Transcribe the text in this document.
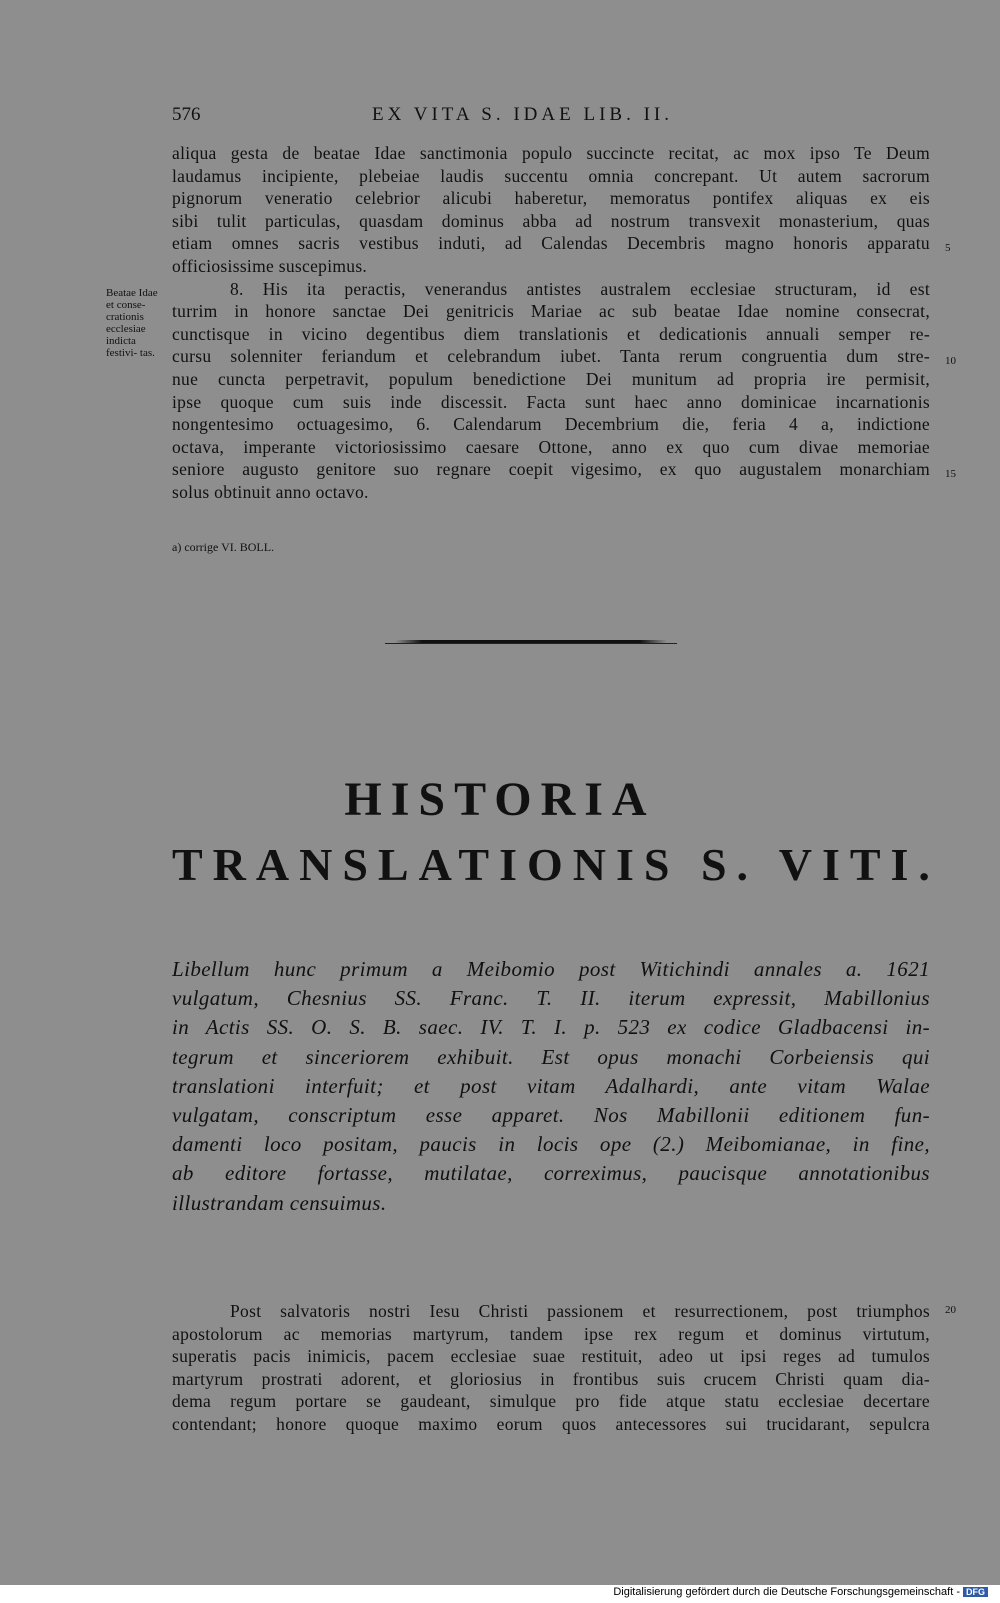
576	EX VITA S. IDAE LIB. II.
aliqua gesta de beatae Idae sanctimonia populo succincte recitat, ac mox ipso Te Deum
laudamus incipiente, plebeiae laudis succentu omnia concrepant. Ut autem sacrorum
pignorum veneratio celebrior alicubi haberetur, memoratus pontifex aliquas ex eis
sibi tulit particulas, quasdam dominus abba ad nostrum transvexit monasterium, quas
etiam omnes sacris vestibus induti, ad Calendas Decembris magno honoris apparatu
officiosissime suscepimus.
8. His ita peractis, venerandus antistes australem ecclesiae structuram, id est
turrim in honore sanctae Dei genitricis Mariae ac sub beatae Idae nomine consecrat,
cunctisque in vicino degentibus diem translationis et dedicationis annuali semper re-
cursu solenniter feriandum et celebrandum iubet. Tanta rerum congruentia dum stre-
nue cuncta perpetravit, populum benedictione Dei munitum ad propria ire permisit,
ipse quoque cum suis inde discessit. Facta sunt haec anno dominicae incarnationis
nongentesimo octuagesimo, 6. Calendarum Decembrium die, feria 4 a, indictione
octava, imperante victoriosissimo caesare Ottone, anno ex quo cum divae memoriae
seniore augusto genitore suo regnare coepit vigesimo, ex quo augustalem monarchiam
solus obtinuit anno octavo.
Beatae Idae et conse- crationis ecclesiae indicta festivi- tas.
5
10
15
20
a) corrige VI. BOLL.
HISTORIA
TRANSLATIONIS S. VITI.
Libellum hunc primum a Meibomio post Witichindi annales a. 1621
vulgatum, Chesnius SS. Franc. T. II. iterum expressit, Mabillonius
in Actis SS. O. S. B. saec. IV. T. I. p. 523 ex codice Gladbacensi in-
tegrum et sinceriorem exhibuit. Est opus monachi Corbeiensis qui
translationi interfuit; et post vitam Adalhardi, ante vitam Walae
vulgatam, conscriptum esse apparet. Nos Mabillonii editionem fun-
damenti loco positam, paucis in locis ope (2.) Meibomianae, in fine,
ab editore fortasse, mutilatae, correximus, paucisque annotationibus
illustrandam censuimus.
Post salvatoris nostri Iesu Christi passionem et resurrectionem, post triumphos
apostolorum ac memorias martyrum, tandem ipse rex regum et dominus virtutum,
superatis pacis inimicis, pacem ecclesiae suae restituit, adeo ut ipsi reges ad tumulos
martyrum prostrati adorent, et gloriosius in frontibus suis crucem Christi quam dia-
dema regum portare se gaudeant, simulque pro fide atque statu ecclesiae decertare
contendant; honore quoque maximo eorum quos antecessores sui trucidarant, sepulcra
Digitalisierung gefördert durch die Deutsche Forschungsgemeinschaft - DFG
